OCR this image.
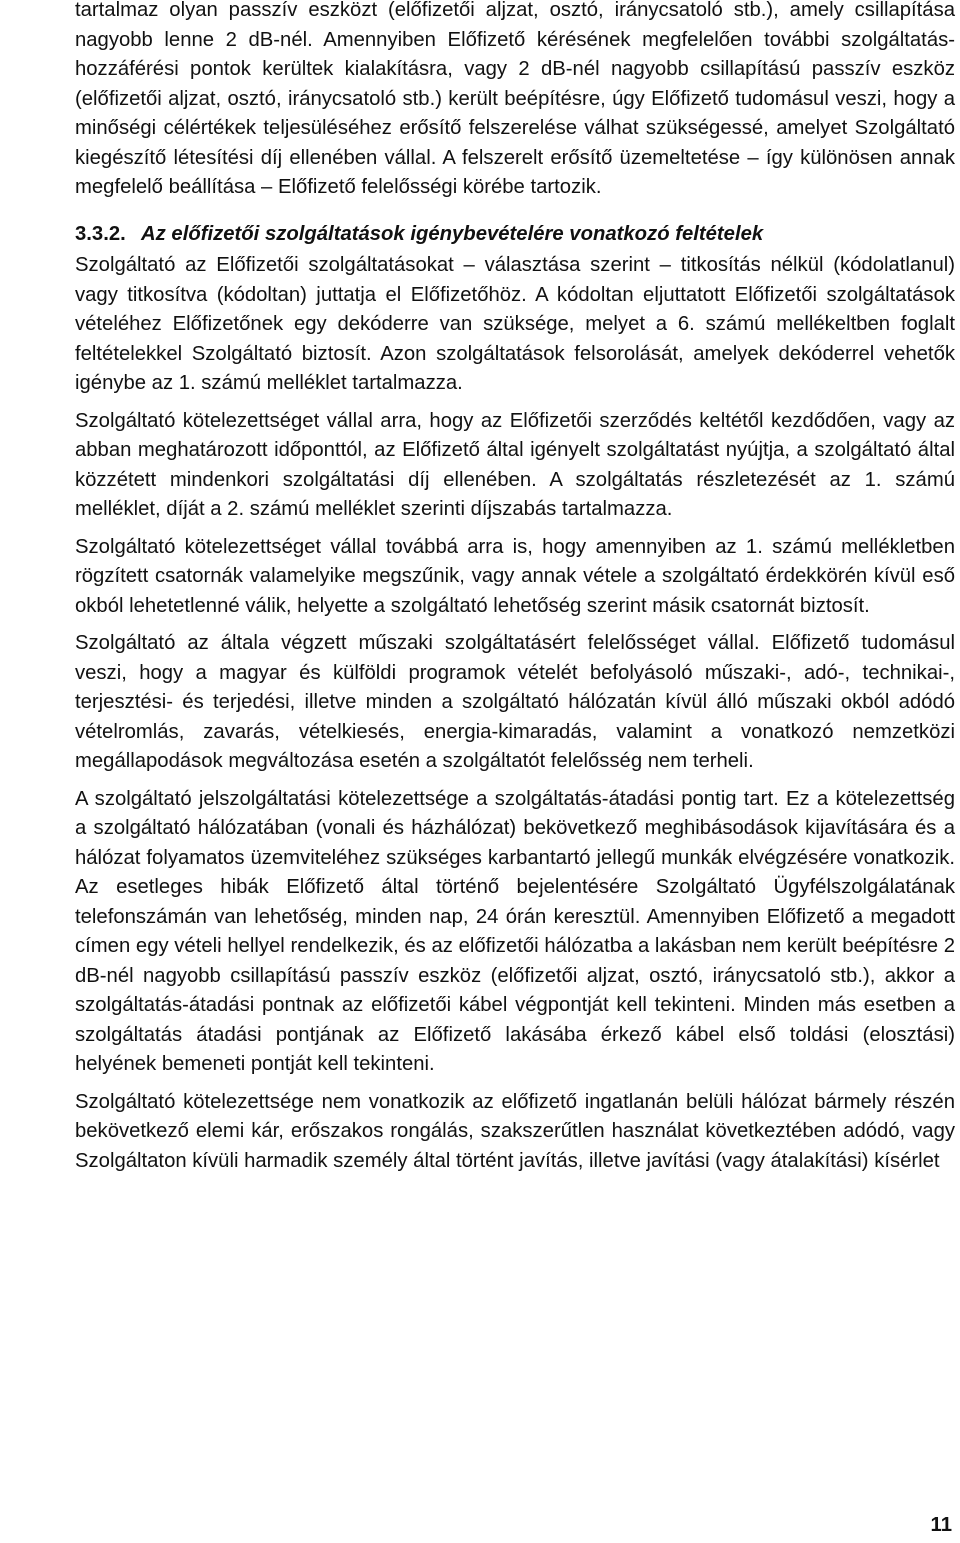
tartalmaz olyan passzív eszközt (előfizetői aljzat, osztó, iránycsatoló stb.), amely csillapítása nagyobb lenne 2 dB-nél. Amennyiben Előfizető kérésének megfelelően további szolgáltatás-hozzáférési pontok kerültek kialakításra, vagy 2 dB-nél nagyobb csillapítású passzív eszköz (előfizetői aljzat, osztó, iránycsatoló stb.) került beépítésre, úgy Előfizető tudomásul veszi, hogy a minőségi célértékek teljesüléséhez erősítő felszerelése válhat szükségessé, amelyet Szolgáltató kiegészítő létesítési díj ellenében vállal. A felszerelt erősítő üzemeltetése – így különösen annak megfelelő beállítása – Előfizető felelősségi körébe tartozik.

3.3.2. Az előfizetői szolgáltatások igénybevételére vonatkozó feltételek

Szolgáltató az Előfizetői szolgáltatásokat – választása szerint – titkosítás nélkül (kódolatlanul) vagy titkosítva (kódoltan) juttatja el Előfizetőhöz. A kódoltan eljuttatott Előfizetői szolgáltatások vételéhez Előfizetőnek egy dekóderre van szüksége, melyet a 6. számú mellékeltben foglalt feltételekkel Szolgáltató biztosít. Azon szolgáltatások felsorolását, amelyek dekóderrel vehetők igénybe az 1. számú melléklet tartalmazza.

Szolgáltató kötelezettséget vállal arra, hogy az Előfizetői szerződés keltétől kezdődően, vagy az abban meghatározott időponttól, az Előfizető által igényelt szolgáltatást nyújtja, a szolgáltató által közzétett mindenkori szolgáltatási díj ellenében. A szolgáltatás részletezését az 1. számú melléklet, díját a 2. számú melléklet szerinti díjszabás tartalmazza.

Szolgáltató kötelezettséget vállal továbbá arra is, hogy amennyiben az 1. számú mellékletben rögzített csatornák valamelyike megszűnik, vagy annak vétele a szolgáltató érdekkörén kívül eső okból lehetetlenné válik, helyette a szolgáltató lehetőség szerint másik csatornát biztosít.

Szolgáltató az általa végzett műszaki szolgáltatásért felelősséget vállal. Előfizető tudomásul veszi, hogy a magyar és külföldi programok vételét befolyásoló műszaki-, adó-, technikai-, terjesztési- és terjedési, illetve minden a szolgáltató hálózatán kívül álló műszaki okból adódó vételromlás, zavarás, vételkiesés, energia-kimaradás, valamint a vonatkozó nemzetközi megállapodások megváltozása esetén a szolgáltatót felelősség nem terheli.

A szolgáltató jelszolgáltatási kötelezettsége a szolgáltatás-átadási pontig tart. Ez a kötelezettség a szolgáltató hálózatában (vonali és házhálózat) bekövetkező meghibásodások kijavítására és a hálózat folyamatos üzemviteléhez szükséges karbantartó jellegű munkák elvégzésére vonatkozik. Az esetleges hibák Előfizető által történő bejelentésére Szolgáltató Ügyfélszolgálatának telefonszámán van lehetőség, minden nap, 24 órán keresztül. Amennyiben Előfizető a megadott címen egy vételi hellyel rendelkezik, és az előfizetői hálózatba a lakásban nem került beépítésre 2 dB-nél nagyobb csillapítású passzív eszköz (előfizetői aljzat, osztó, iránycsatoló stb.), akkor a szolgáltatás-átadási pontnak az előfizetői kábel végpontját kell tekinteni. Minden más esetben a szolgáltatás átadási pontjának az Előfizető lakásába érkező kábel első toldási (elosztási) helyének bemeneti pontját kell tekinteni.

Szolgáltató kötelezettsége nem vonatkozik az előfizető ingatlanán belüli hálózat bármely részén bekövetkező elemi kár, erőszakos rongálás, szakszerűtlen használat következtében adódó, vagy Szolgáltaton kívüli harmadik személy által történt javítás, illetve javítási (vagy átalakítási) kísérlet

11
